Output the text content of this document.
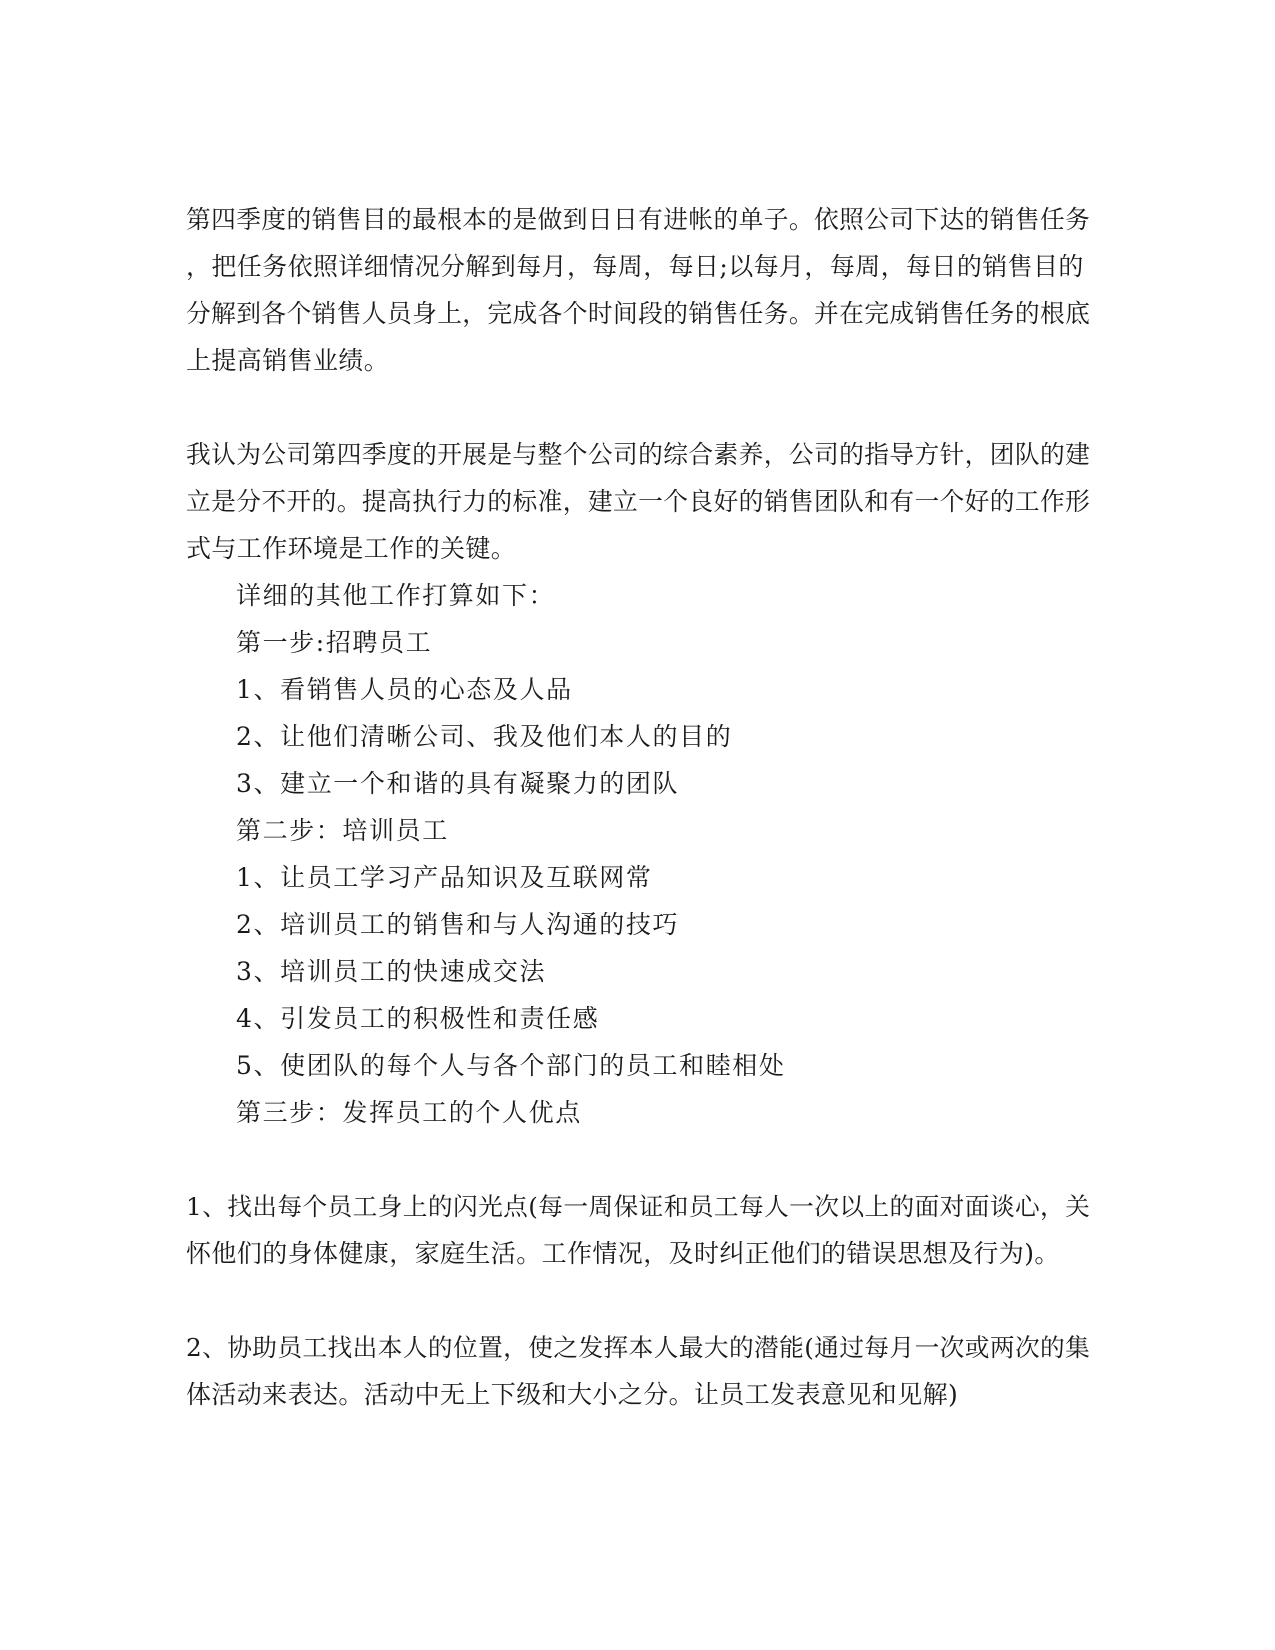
第四季度的销售目的最根本的是做到日日有进帐的单子。依照公司下达的销售任务
，把任务依照详细情况分解到每月，每周，每日;以每月，每周，每日的销售目的
分解到各个销售人员身上，完成各个时间段的销售任务。并在完成销售任务的根底
上提高销售业绩。
我认为公司第四季度的开展是与整个公司的综合素养，公司的指导方针，团队的建
立是分不开的。提高执行力的标准，建立一个良好的销售团队和有一个好的工作形
式与工作环境是工作的关键。
详细的其他工作打算如下：
第一步:招聘员工
1、看销售人员的心态及人品
2、让他们清晰公司、我及他们本人的目的
3、建立一个和谐的具有凝聚力的团队
第二步：培训员工
1、让员工学习产品知识及互联网常
2、培训员工的销售和与人沟通的技巧
3、培训员工的快速成交法
4、引发员工的积极性和责任感
5、使团队的每个人与各个部门的员工和睦相处
第三步：发挥员工的个人优点
1、找出每个员工身上的闪光点(每一周保证和员工每人一次以上的面对面谈心，关
怀他们的身体健康，家庭生活。工作情况，及时纠正他们的错误思想及行为)。
2、协助员工找出本人的位置，使之发挥本人最大的潜能(通过每月一次或两次的集
体活动来表达。活动中无上下级和大小之分。让员工发表意见和见解)
